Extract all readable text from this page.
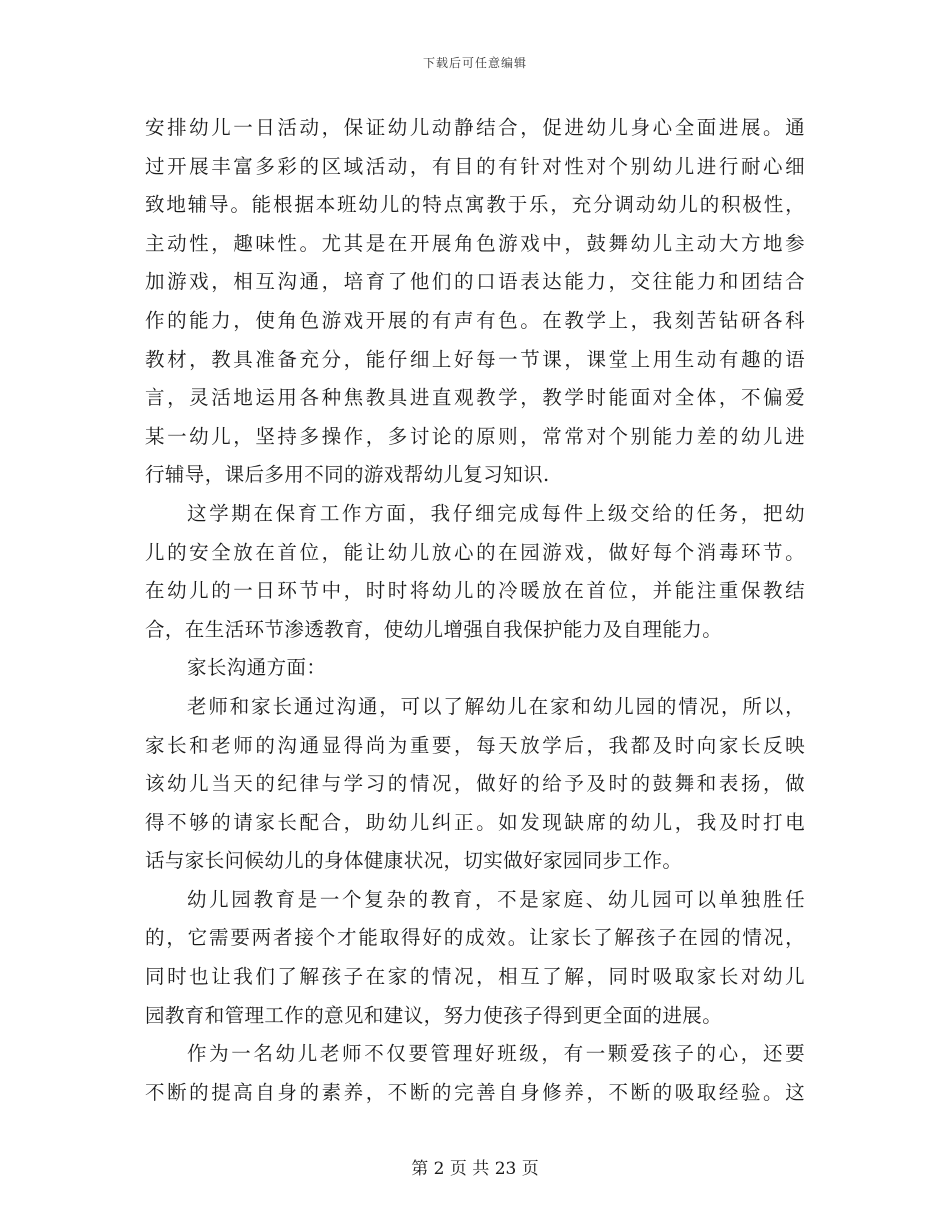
下载后可任意编辑
安排幼儿一日活动，保证幼儿动静结合，促进幼儿身心全面进展。通
过开展丰富多彩的区域活动，有目的有针对性对个别幼儿进行耐心细
致地辅导。能根据本班幼儿的特点寓教于乐，充分调动幼儿的积极性，
主动性，趣味性。尤其是在开展角色游戏中，鼓舞幼儿主动大方地参
加游戏，相互沟通，培育了他们的口语表达能力，交往能力和团结合
作的能力，使角色游戏开展的有声有色。在教学上，我刻苦钻研各科
教材，教具准备充分，能仔细上好每一节课，课堂上用生动有趣的语
言，灵活地运用各种焦教具进直观教学，教学时能面对全体，不偏爱
某一幼儿，坚持多操作，多讨论的原则，常常对个别能力差的幼儿进
行辅导，课后多用不同的游戏帮幼儿复习知识.
这学期在保育工作方面，我仔细完成每件上级交给的任务，把幼
儿的安全放在首位，能让幼儿放心的在园游戏，做好每个消毒环节。
在幼儿的一日环节中，时时将幼儿的冷暖放在首位，并能注重保教结
合，在生活环节渗透教育，使幼儿增强自我保护能力及自理能力。
家长沟通方面：
老师和家长通过沟通，可以了解幼儿在家和幼儿园的情况，所以，
家长和老师的沟通显得尚为重要，每天放学后，我都及时向家长反映
该幼儿当天的纪律与学习的情况，做好的给予及时的鼓舞和表扬，做
得不够的请家长配合，助幼儿纠正。如发现缺席的幼儿，我及时打电
话与家长问候幼儿的身体健康状况，切实做好家园同步工作。
幼儿园教育是一个复杂的教育，不是家庭、幼儿园可以单独胜任
的，它需要两者接个才能取得好的成效。让家长了解孩子在园的情况，
同时也让我们了解孩子在家的情况，相互了解，同时吸取家长对幼儿
园教育和管理工作的意见和建议，努力使孩子得到更全面的进展。
作为一名幼儿老师不仅要管理好班级，有一颗爱孩子的心，还要
不断的提高自身的素养，不断的完善自身修养，不断的吸取经验。这
第 2 页 共 23 页
